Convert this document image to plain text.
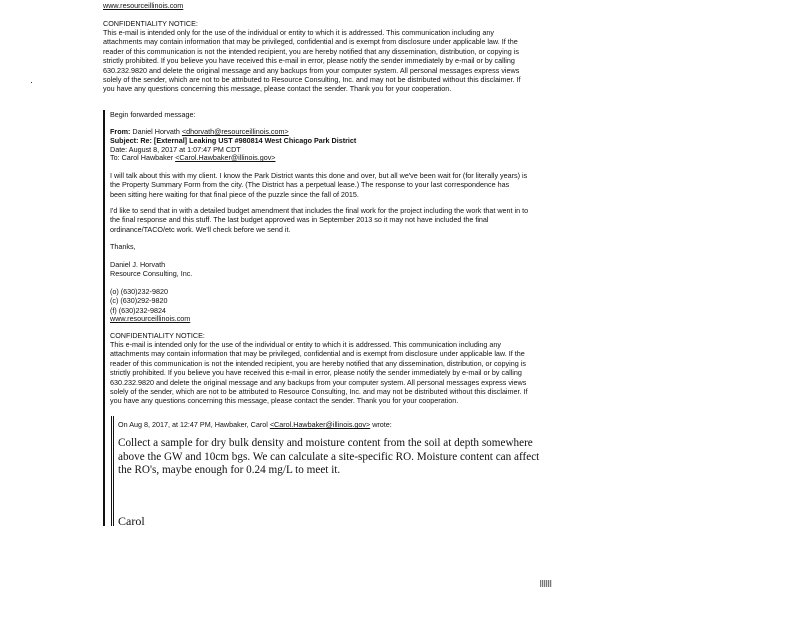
www.resourceillinois.com
CONFIDENTIALITY NOTICE:
This e-mail is intended only for the use of the individual or entity to which it is addressed. This communication including any
attachments may contain information that may be privileged, confidential and is exempt from disclosure under applicable law. If the
reader of this communication is not the intended recipient, you are hereby notified that any dissemination, distribution, or copying is
strictly prohibited. If you believe you have received this e-mail in error, please notify the sender immediately by e-mail or by calling
630.232.9820 and delete the original message and any backups from your computer system. All personal messages express views
solely of the sender, which are not to be attributed to Resource Consulting, Inc. and may not be distributed without this disclaimer. If
you have any questions concerning this message, please contact the sender. Thank you for your cooperation.
Begin forwarded message:
From: Daniel Horvath <dhorvath@resourceillinois.com>
Subject: Re: [External] Leaking UST #980814 West Chicago Park District
Date: August 8, 2017 at 1:07:47 PM CDT
To: Carol Hawbaker <Carol.Hawbaker@illinois.gov>
I will talk about this with my client. I know the Park District wants this done and over, but all we've been wait for (for literally years) is
the Property Summary Form from the city. (The District has a perpetual lease.) The response to your last correspondence has
been sitting here waiting for that final piece of the puzzle since the fall of 2015.
I'd like to send that in with a detailed budget amendment that includes the final work for the project including the work that went in to
the final response and this stuff. The last budget approved was in September 2013 so it may not have included the final
ordinance/TACO/etc work. We'll check before we send it.
Thanks,
Daniel J. Horvath
Resource Consulting, Inc.
(o) (630)232-9820
(c) (630)292-9820
(f) (630)232-9824
www.resourceillinois.com
CONFIDENTIALITY NOTICE:
This e-mail is intended only for the use of the individual or entity to which it is addressed. This communication including any
attachments may contain information that may be privileged, confidential and is exempt from disclosure under applicable law. If the
reader of this communication is not the intended recipient, you are hereby notified that any dissemination, distribution, or copying is
strictly prohibited. If you believe you have received this e-mail in error, please notify the sender immediately by e-mail or by calling
630.232.9820 and delete the original message and any backups from your computer system. All personal messages express views
solely of the sender, which are not to be attributed to Resource Consulting, Inc. and may not be distributed without this disclaimer. If
you have any questions concerning this message, please contact the sender. Thank you for your cooperation.
On Aug 8, 2017, at 12:47 PM, Hawbaker, Carol <Carol.Hawbaker@illinois.gov> wrote:
Collect a sample for dry bulk density and moisture content from the soil at depth somewhere
above the GW and 10cm bgs. We can calculate a site-specific RO. Moisture content can affect
the RO's, maybe enough for 0.24 mg/L to meet it.
Carol
